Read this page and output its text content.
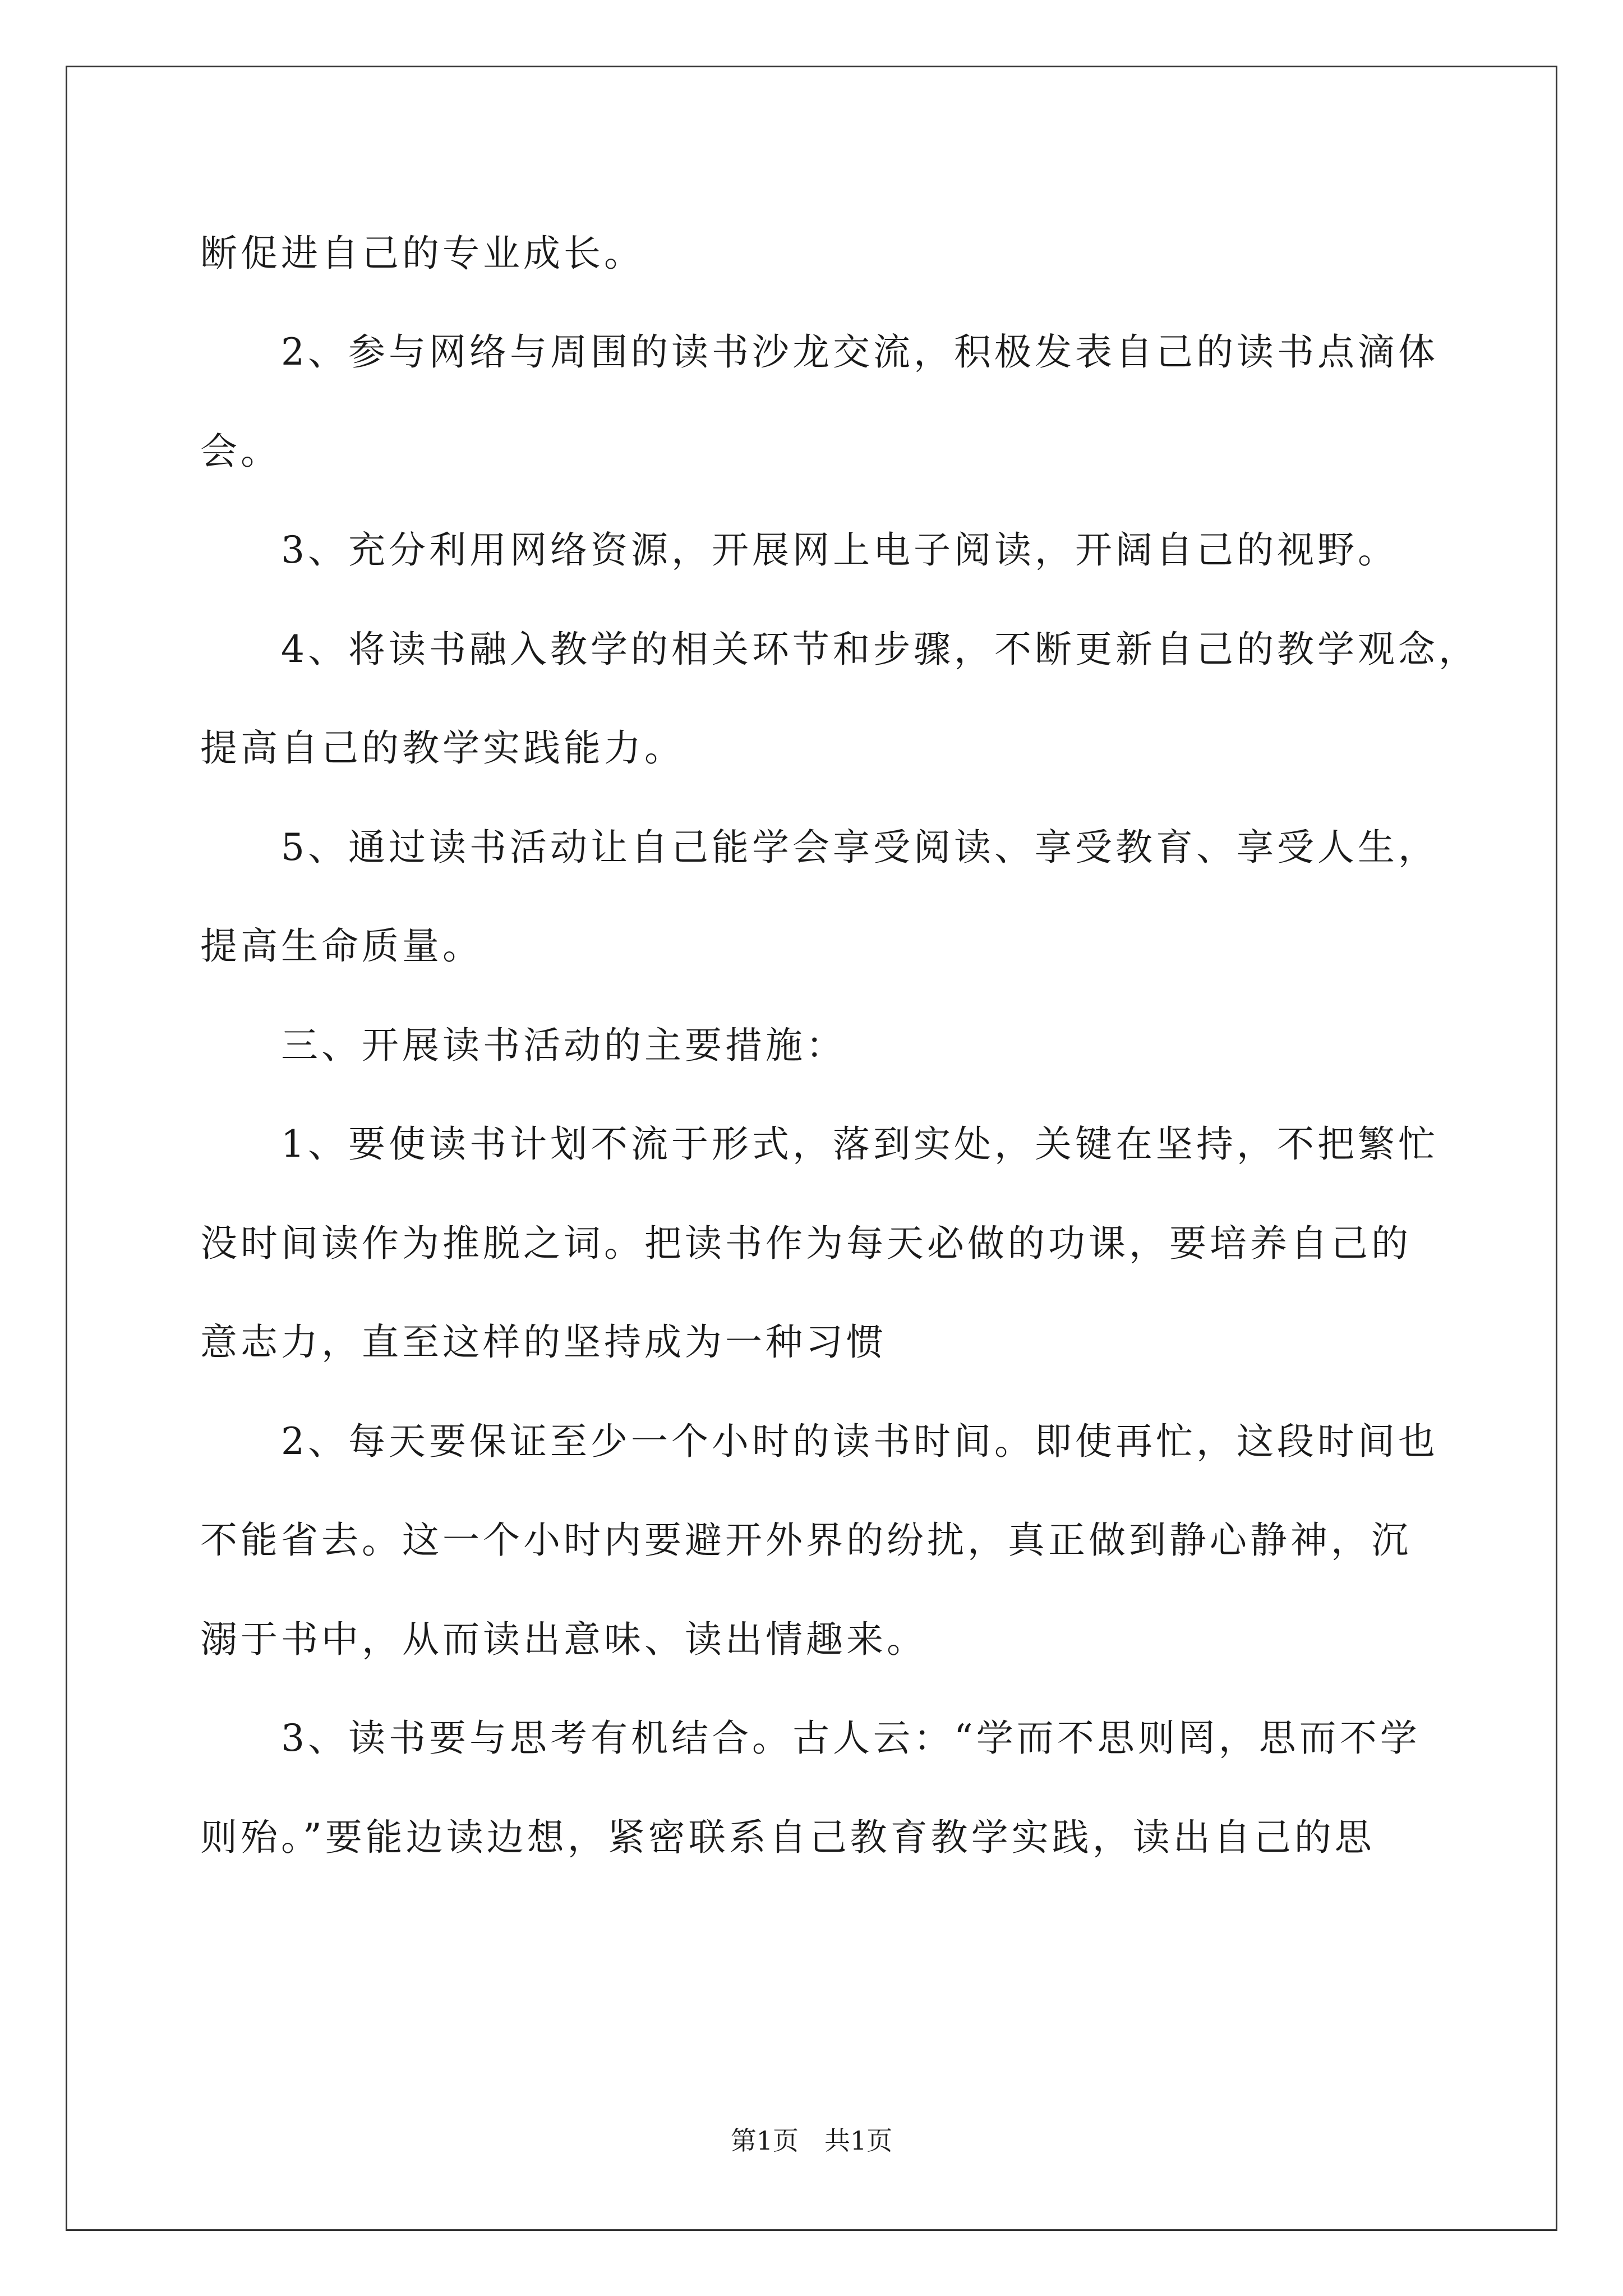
断促进自己的专业成长。
　　2、参与网络与周围的读书沙龙交流，积极发表自己的读书点滴体
会。
　　3、充分利用网络资源，开展网上电子阅读，开阔自己的视野。
　　4、将读书融入教学的相关环节和步骤，不断更新自己的教学观念，
提高自己的教学实践能力。
　　5、通过读书活动让自己能学会享受阅读、享受教育、享受人生，
提高生命质量。
　　三、开展读书活动的主要措施：
　　1、要使读书计划不流于形式，落到实处，关键在坚持，不把繁忙
没时间读作为推脱之词。把读书作为每天必做的功课，要培养自己的
意志力，直至这样的坚持成为一种习惯
　　2、每天要保证至少一个小时的读书时间。即使再忙，这段时间也
不能省去。这一个小时内要避开外界的纷扰，真正做到静心静神，沉
溺于书中，从而读出意味、读出情趣来。
　　3、读书要与思考有机结合。古人云：“学而不思则罔，思而不学
则殆。”要能边读边想，紧密联系自己教育教学实践，读出自己的思
第1页　共1页
